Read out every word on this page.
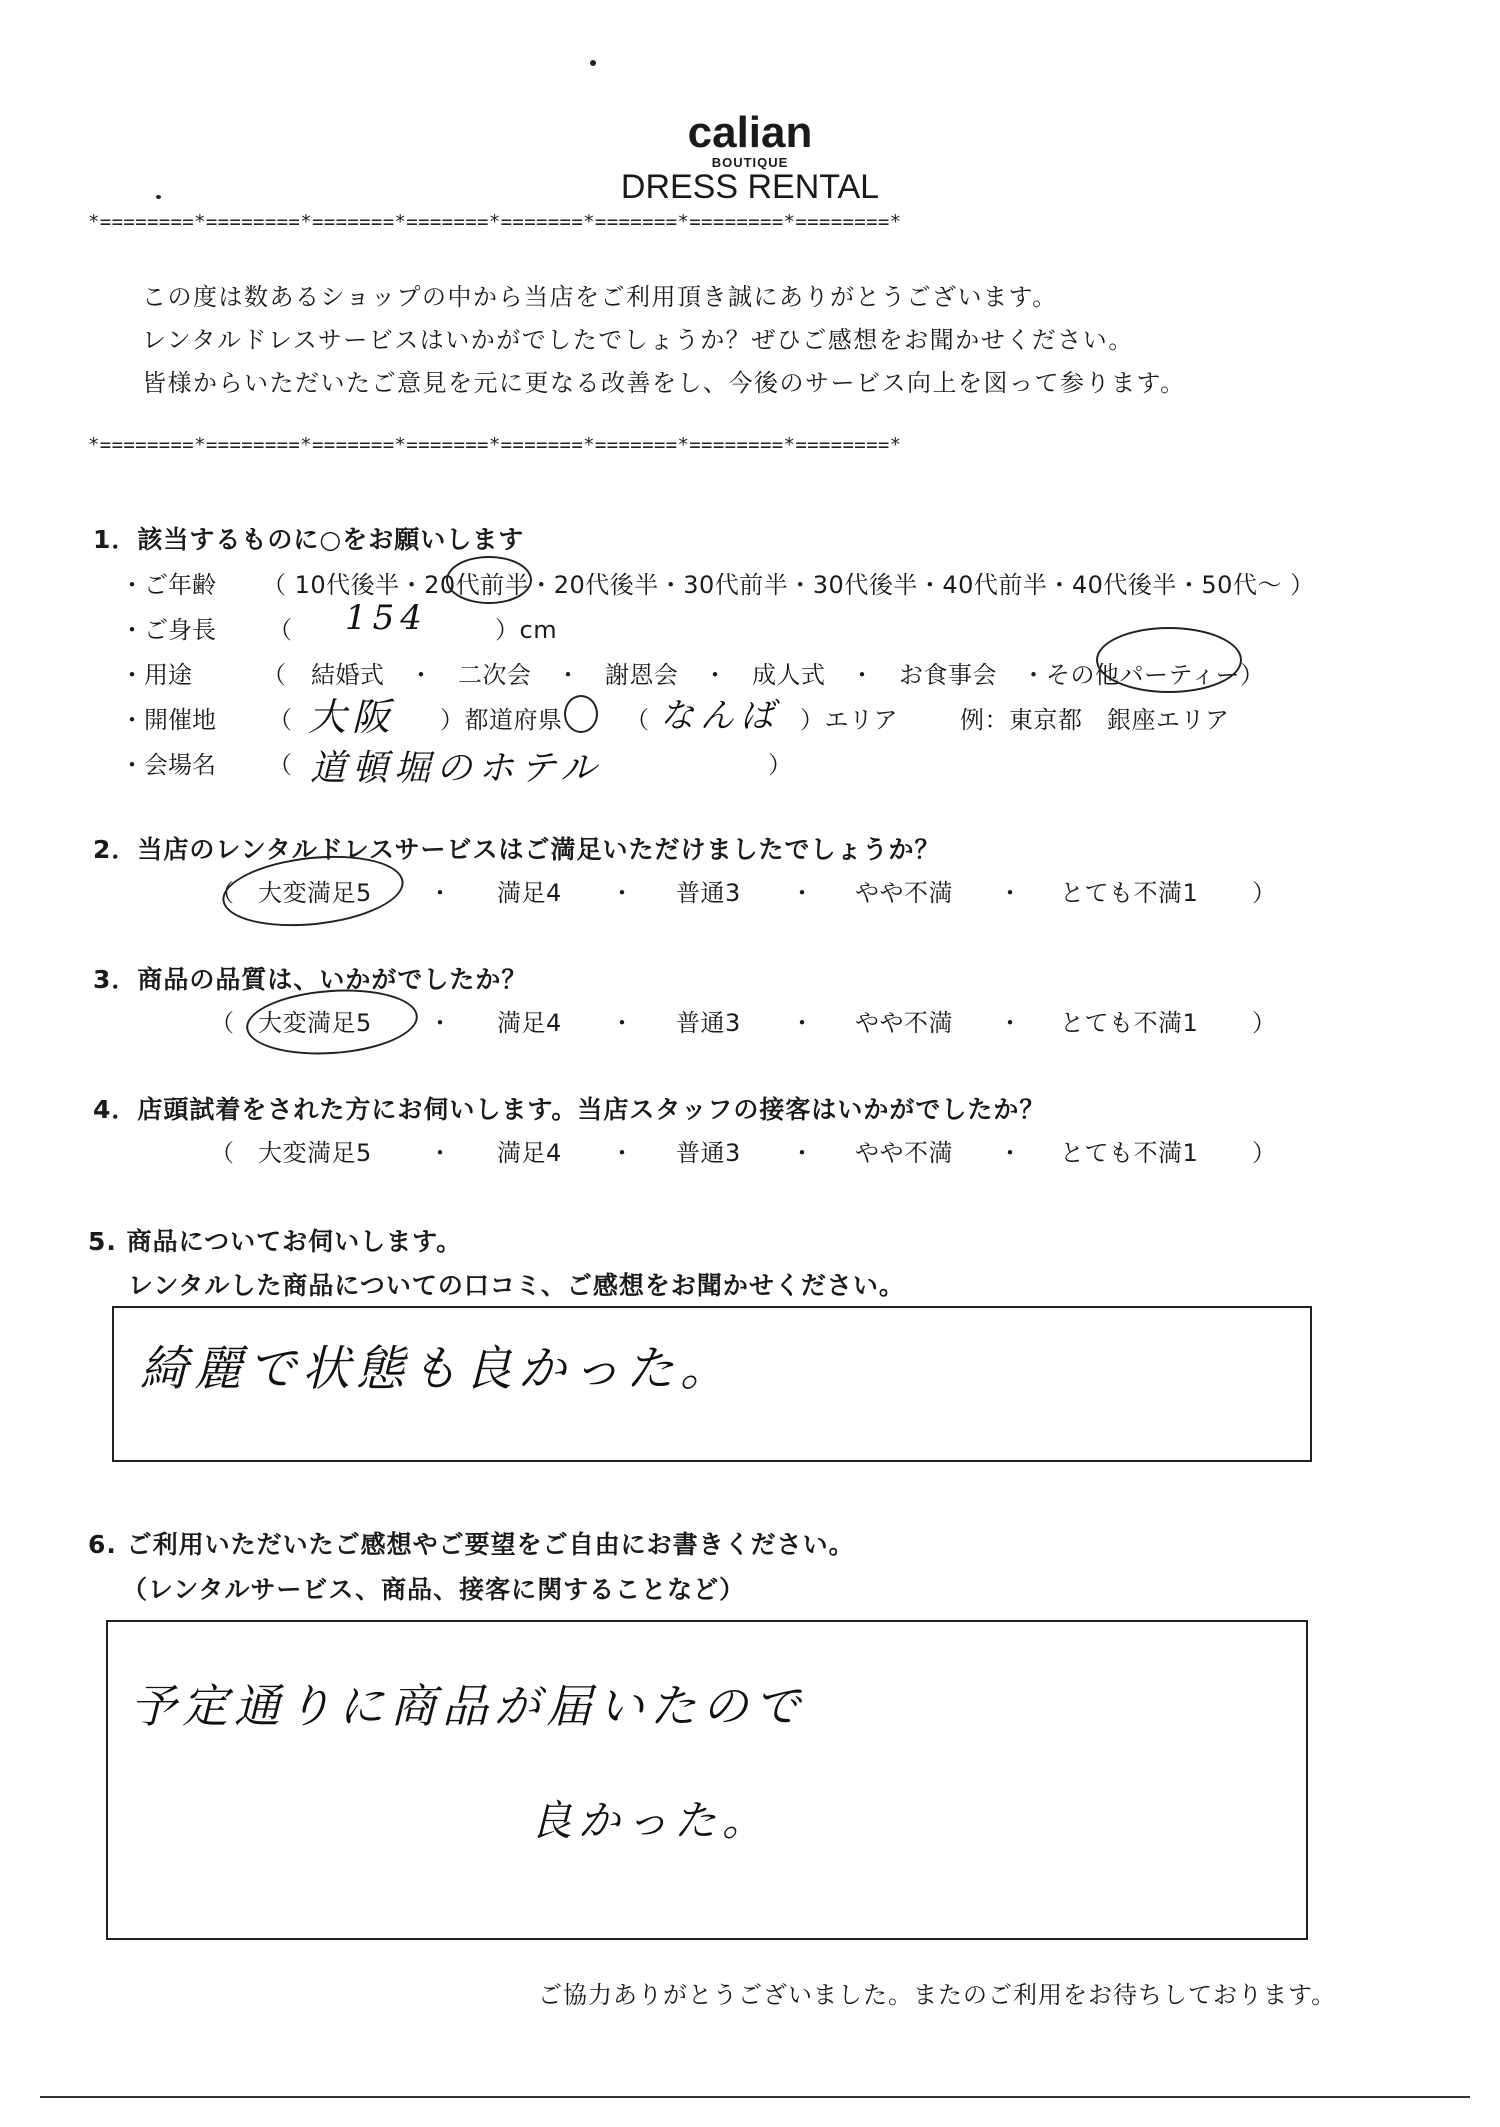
calian
BOUTIQUE
DRESS RENTAL
*========*========*=======*=======*=======*=======*========*========*
この度は数あるショップの中から当店をご利用頂き誠にありがとうございます。
レンタルドレスサービスはいかがでしたでしょうか？ぜひご感想をお聞かせください。
皆様からいただいたご意見を元に更なる改善をし、今後のサービス向上を図って参ります。
*========*========*=======*=======*=======*=======*========*========*
1．該当するものに○をお願いします
・ご年齢 （ 10代後半・20代前半・20代後半・30代前半・30代後半・40代前半・40代後半・50代～ ）
・ご身長 （ 154	）cm
・用途	（　結婚式　・　二次会　・　謝恩会　・　成人式　・　お食事会　・その他パーティー）
・開催地 （ 大阪 ）都道府県	（ なんば ）エリア	例：東京都　銀座エリア
・会場名 （ 道頓堀のホテル	）
2．当店のレンタルドレスサービスはご満足いただけましたでしょうか？
（ 大変満足5 ・ 満足4 ・ 普通3 ・ やや不満 ・ とても不満1 ）
3．商品の品質は、いかがでしたか？
（ 大変満足5 ・ 満足4 ・ 普通3 ・ やや不満 ・ とても不満1 ）
4．店頭試着をされた方にお伺いします。当店スタッフの接客はいかがでしたか？
（ 大変満足5 ・ 満足4 ・ 普通3 ・ やや不満 ・ とても不満1 ）
5. 商品についてお伺いします。
レンタルした商品についての口コミ、ご感想をお聞かせください。
綺麗で状態も良かった。
6. ご利用いただいたご感想やご要望をご自由にお書きください。
（レンタルサービス、商品、接客に関することなど）
予定通りに商品が届いたので
良かった。
ご協力ありがとうございました。またのご利用をお待ちしております。
